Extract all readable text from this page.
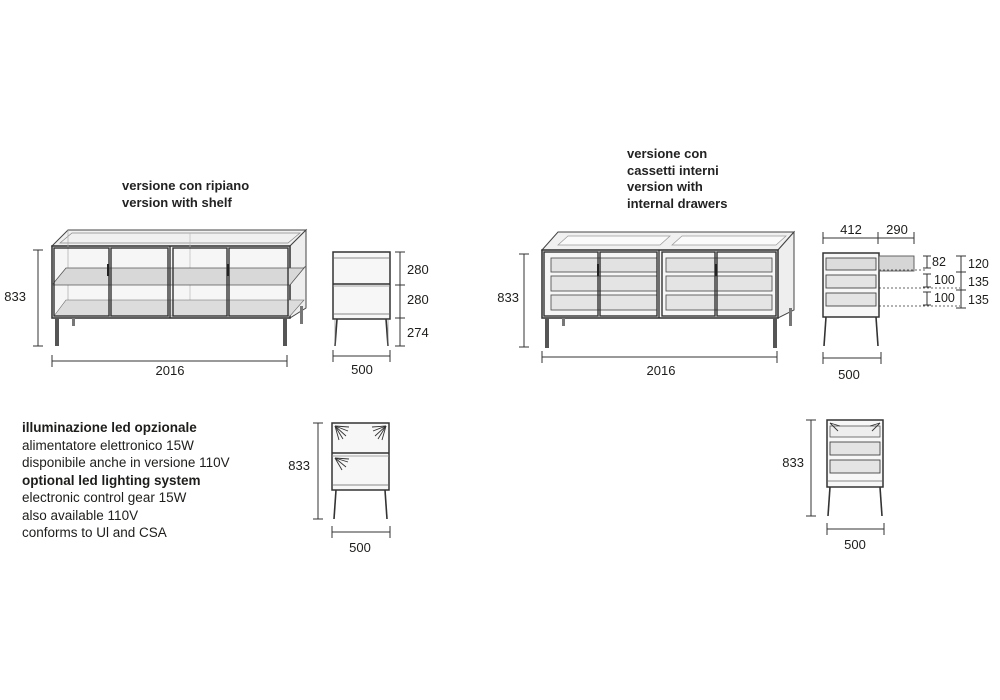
versione con ripiano
version with shelf
versione con
cassetti interni
version with
internal drawers
illuminazione led opzionale
alimentatore elettronico 15W
disponibile anche in versione 110V
optional led lighting system
electronic control gear 15W
also available 110V
conforms to Ul and CSA
833
2016
280
280
274
500
833
2016
412 290
82
100
100
120
135
135
500
833
500
833
500
